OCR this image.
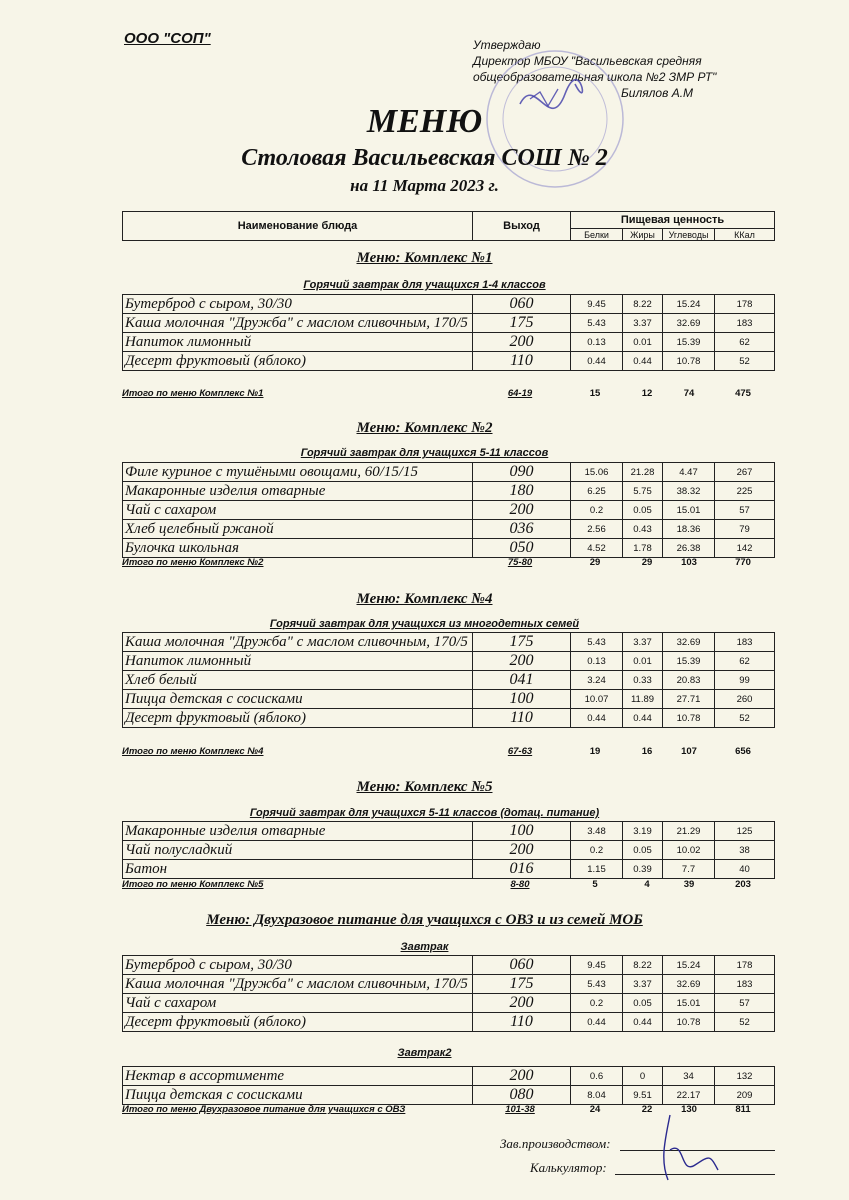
ООО "СОП"	Утверждаю
Директор МБОУ "Васильевская средняя
общеобразовательная школа №2 ЗМР РТ"
Билялов А.М
МЕНЮ
Столовая Васильевская СОШ № 2
на 11 Марта 2023 г.
Наименование блюда	Выход	Пищевая ценность			
		Белки	Жиры	Углеводы	ККал
Меню: Комплекс №1
Горячий завтрак для учащихся 1-4 классов
Бутерброд с сыром, 30/30	060	9.45	8.22	15.24	178
Каша молочная "Дружба" с маслом сливочным, 170/5	175	5.43	3.37	32.69	183
Напиток лимонный	200	0.13	0.01	15.39	62
Десерт фруктовый (яблоко)	110	0.44	0.44	10.78	52
Итого по меню Комплекс №1	64-19	15	12	74	475
Меню: Комплекс №2
Горячий завтрак для учащихся 5-11 классов
Филе куриное с тушёными овощами, 60/15/15	090	15.06	21.28	4.47	267
Макаронные изделия отварные	180	6.25	5.75	38.32	225
Чай с сахаром	200	0.2	0.05	15.01	57
Хлеб целебный ржаной	036	2.56	0.43	18.36	79
Булочка школьная	050	4.52	1.78	26.38	142
Итого по меню Комплекс №2	75-80	29	29	103	770
Меню: Комплекс №4
Горячий завтрак для учащихся из многодетных семей
Каша молочная "Дружба" с маслом сливочным, 170/5	175	5.43	3.37	32.69	183
Напиток лимонный	200	0.13	0.01	15.39	62
Хлеб белый	041	3.24	0.33	20.83	99
Пицца детская с сосисками	100	10.07	11.89	27.71	260
Десерт фруктовый (яблоко)	110	0.44	0.44	10.78	52
Итого по меню Комплекс №4	67-63	19	16	107	656
Меню: Комплекс №5
Горячий завтрак для учащихся 5-11 классов (дотац. питание)
Макаронные изделия отварные	100	3.48	3.19	21.29	125
Чай полусладкий	200	0.2	0.05	10.02	38
Батон	016	1.15	0.39	7.7	40
Итого по меню Комплекс №5	8-80	5	4	39	203
Меню: Двухразовое питание для учащихся с ОВЗ и из семей МОБ
Завтрак
Бутерброд с сыром, 30/30	060	9.45	8.22	15.24	178
Каша молочная "Дружба" с маслом сливочным, 170/5	175	5.43	3.37	32.69	183
Чай с сахаром	200	0.2	0.05	15.01	57
Десерт фруктовый (яблоко)	110	0.44	0.44	10.78	52
Завтрак2
Нектар в ассортименте	200	0.6	0	34	132
Пицца детская с сосисками	080	8.04	9.51	22.17	209
Итого по меню Двухразовое питание для учащихся с ОВЗ	101-38	24	22	130	811
Зав.производством:
Калькулятор:
